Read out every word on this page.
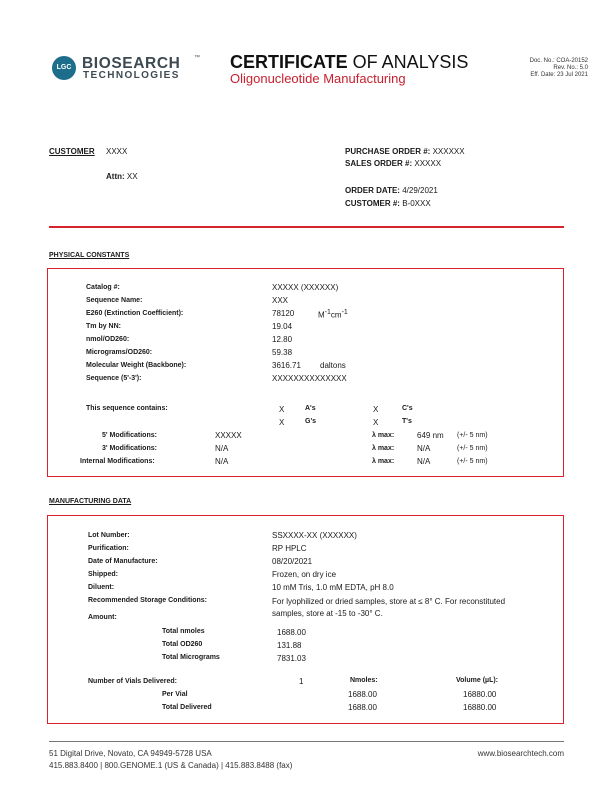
LGC BIOSEARCH ™
TECHNOLOGIES
CERTIFICATE OF ANALYSIS
Oligonucleotide Manufacturing
Doc. No.: COA-20152
Rev. No.: 5.0
Eff. Date: 23 Jul 2021
CUSTOMER XXXX
Attn: XX
PURCHASE ORDER #: XXXXXX
SALES ORDER #: XXXXX
ORDER DATE: 4/29/2021
CUSTOMER #: B-0XXX
PHYSICAL CONSTANTS
Catalog #:	XXXXX (XXXXXX)
Sequence Name:	XXX
E260 (Extinction Coefficient):	78120	$M^{-1}cm^{-1}$
Tm by NN:	19.04
nmol/OD260:	12.80
Micrograms/OD260:	59.38
Molecular Weight (Backbone):	3616.71 daltons
Sequence (5'-3'):	XXXXXXXXXXXXXX
This sequence contains:	X	A's	X	C's
X	G's	X	T's
5' Modifications:	XXXXX	λ max:	649 nm (+/- 5 nm)
3' Modifications:	N/A	λ max:	N/A	(+/- 5 nm)
Internal Modifications:	N/A	λ max:	N/A	(+/- 5 nm)
MANUFACTURING DATA
Lot Number:	SSXXXX-XX (XXXXXX)
Purification:	RP HPLC
Date of Manufacture:	08/20/2021
Shipped:	Frozen, on dry ice
Diluent:	10 mM Tris, 1.0 mM EDTA, pH 8.0
Recommended Storage Conditions:	For lyophilized or dried samples, store at ≤ 8° C. For reconstituted
samples, store at -15 to -30° C.
Amount:
Total nmoles	1688.00
Total OD260	131.88
Total Micrograms	7831.03
Number of Vials Delivered:	1	Nmoles:	Volume (µL):
Per Vial	1688.00	16880.00
Total Delivered	1688.00	16880.00
51 Digital Drive, Novato, CA 94949-5728 USA
415.883.8400 | 800.GENOME.1 (US & Canada) | 415.883.8488 (fax)
www.biosearchtech.com
